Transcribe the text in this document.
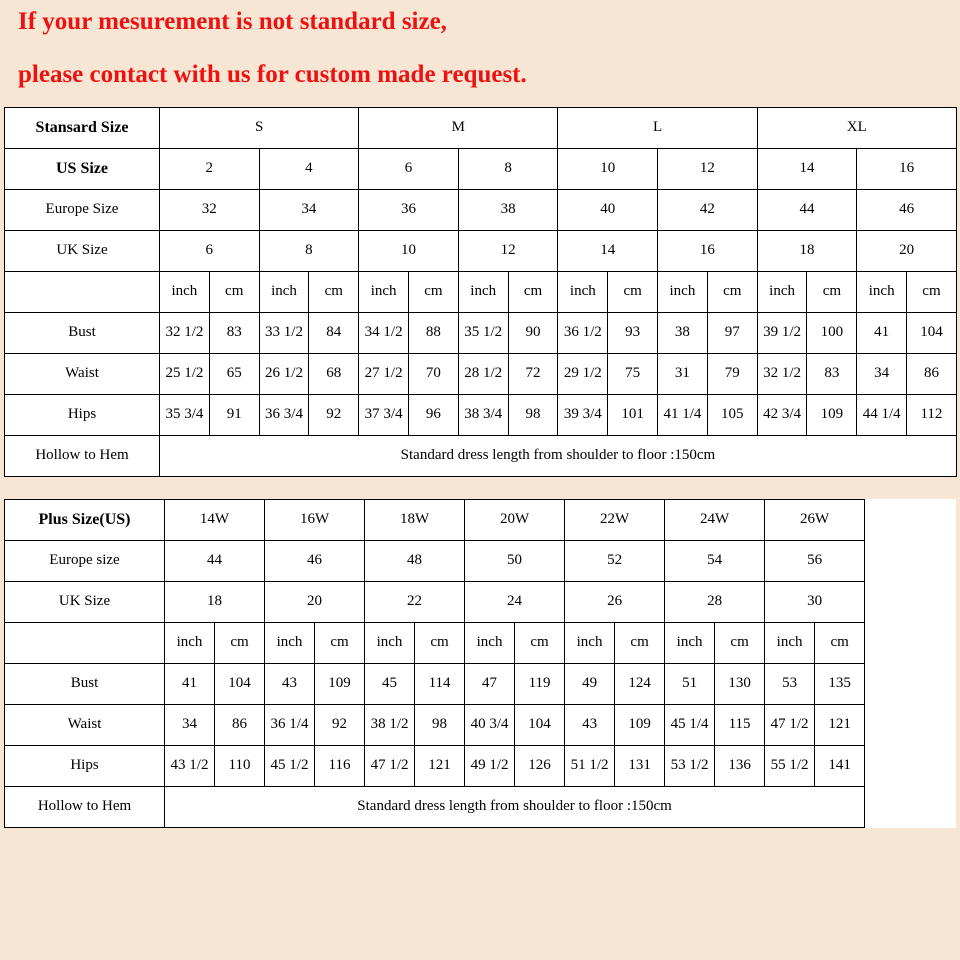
If your mesurement is not standard size,
please contact with us for custom made request.
Stansard Size	S				M				L				XL			
US Size	2		4		6		8		10		12		14		16	
Europe Size	32		34		36		38		40		42		44		46	
UK Size	6		8		10		12		14		16		18		20	
	inch	cm	inch	cm	inch	cm	inch	cm	inch	cm	inch	cm	inch	cm	inch	cm
Bust	32 1/2	83	33 1/2	84	34 1/2	88	35 1/2	90	36 1/2	93	38	97	39 1/2	100	41	104
Waist	25 1/2	65	26 1/2	68	27 1/2	70	28 1/2	72	29 1/2	75	31	79	32 1/2	83	34	86
Hips	35 3/4	91	36 3/4	92	37 3/4	96	38 3/4	98	39 3/4	101	41 1/4	105	42 3/4	109	44 1/4	112
Hollow to Hem	Standard dress length from shoulder to floor :150cm															
Plus Size(US)	14W		16W		18W		20W		22W		24W		26W	
Europe size	44		46		48		50		52		54		56	
UK Size	18		20		22		24		26		28		30	
	inch	cm	inch	cm	inch	cm	inch	cm	inch	cm	inch	cm	inch	cm
Bust	41	104	43	109	45	114	47	119	49	124	51	130	53	135
Waist	34	86	36 1/4	92	38 1/2	98	40 3/4	104	43	109	45 1/4	115	47 1/2	121
Hips	43 1/2	110	45 1/2	116	47 1/2	121	49 1/2	126	51 1/2	131	53 1/2	136	55 1/2	141
Hollow to Hem	Standard dress length from shoulder to floor :150cm													
